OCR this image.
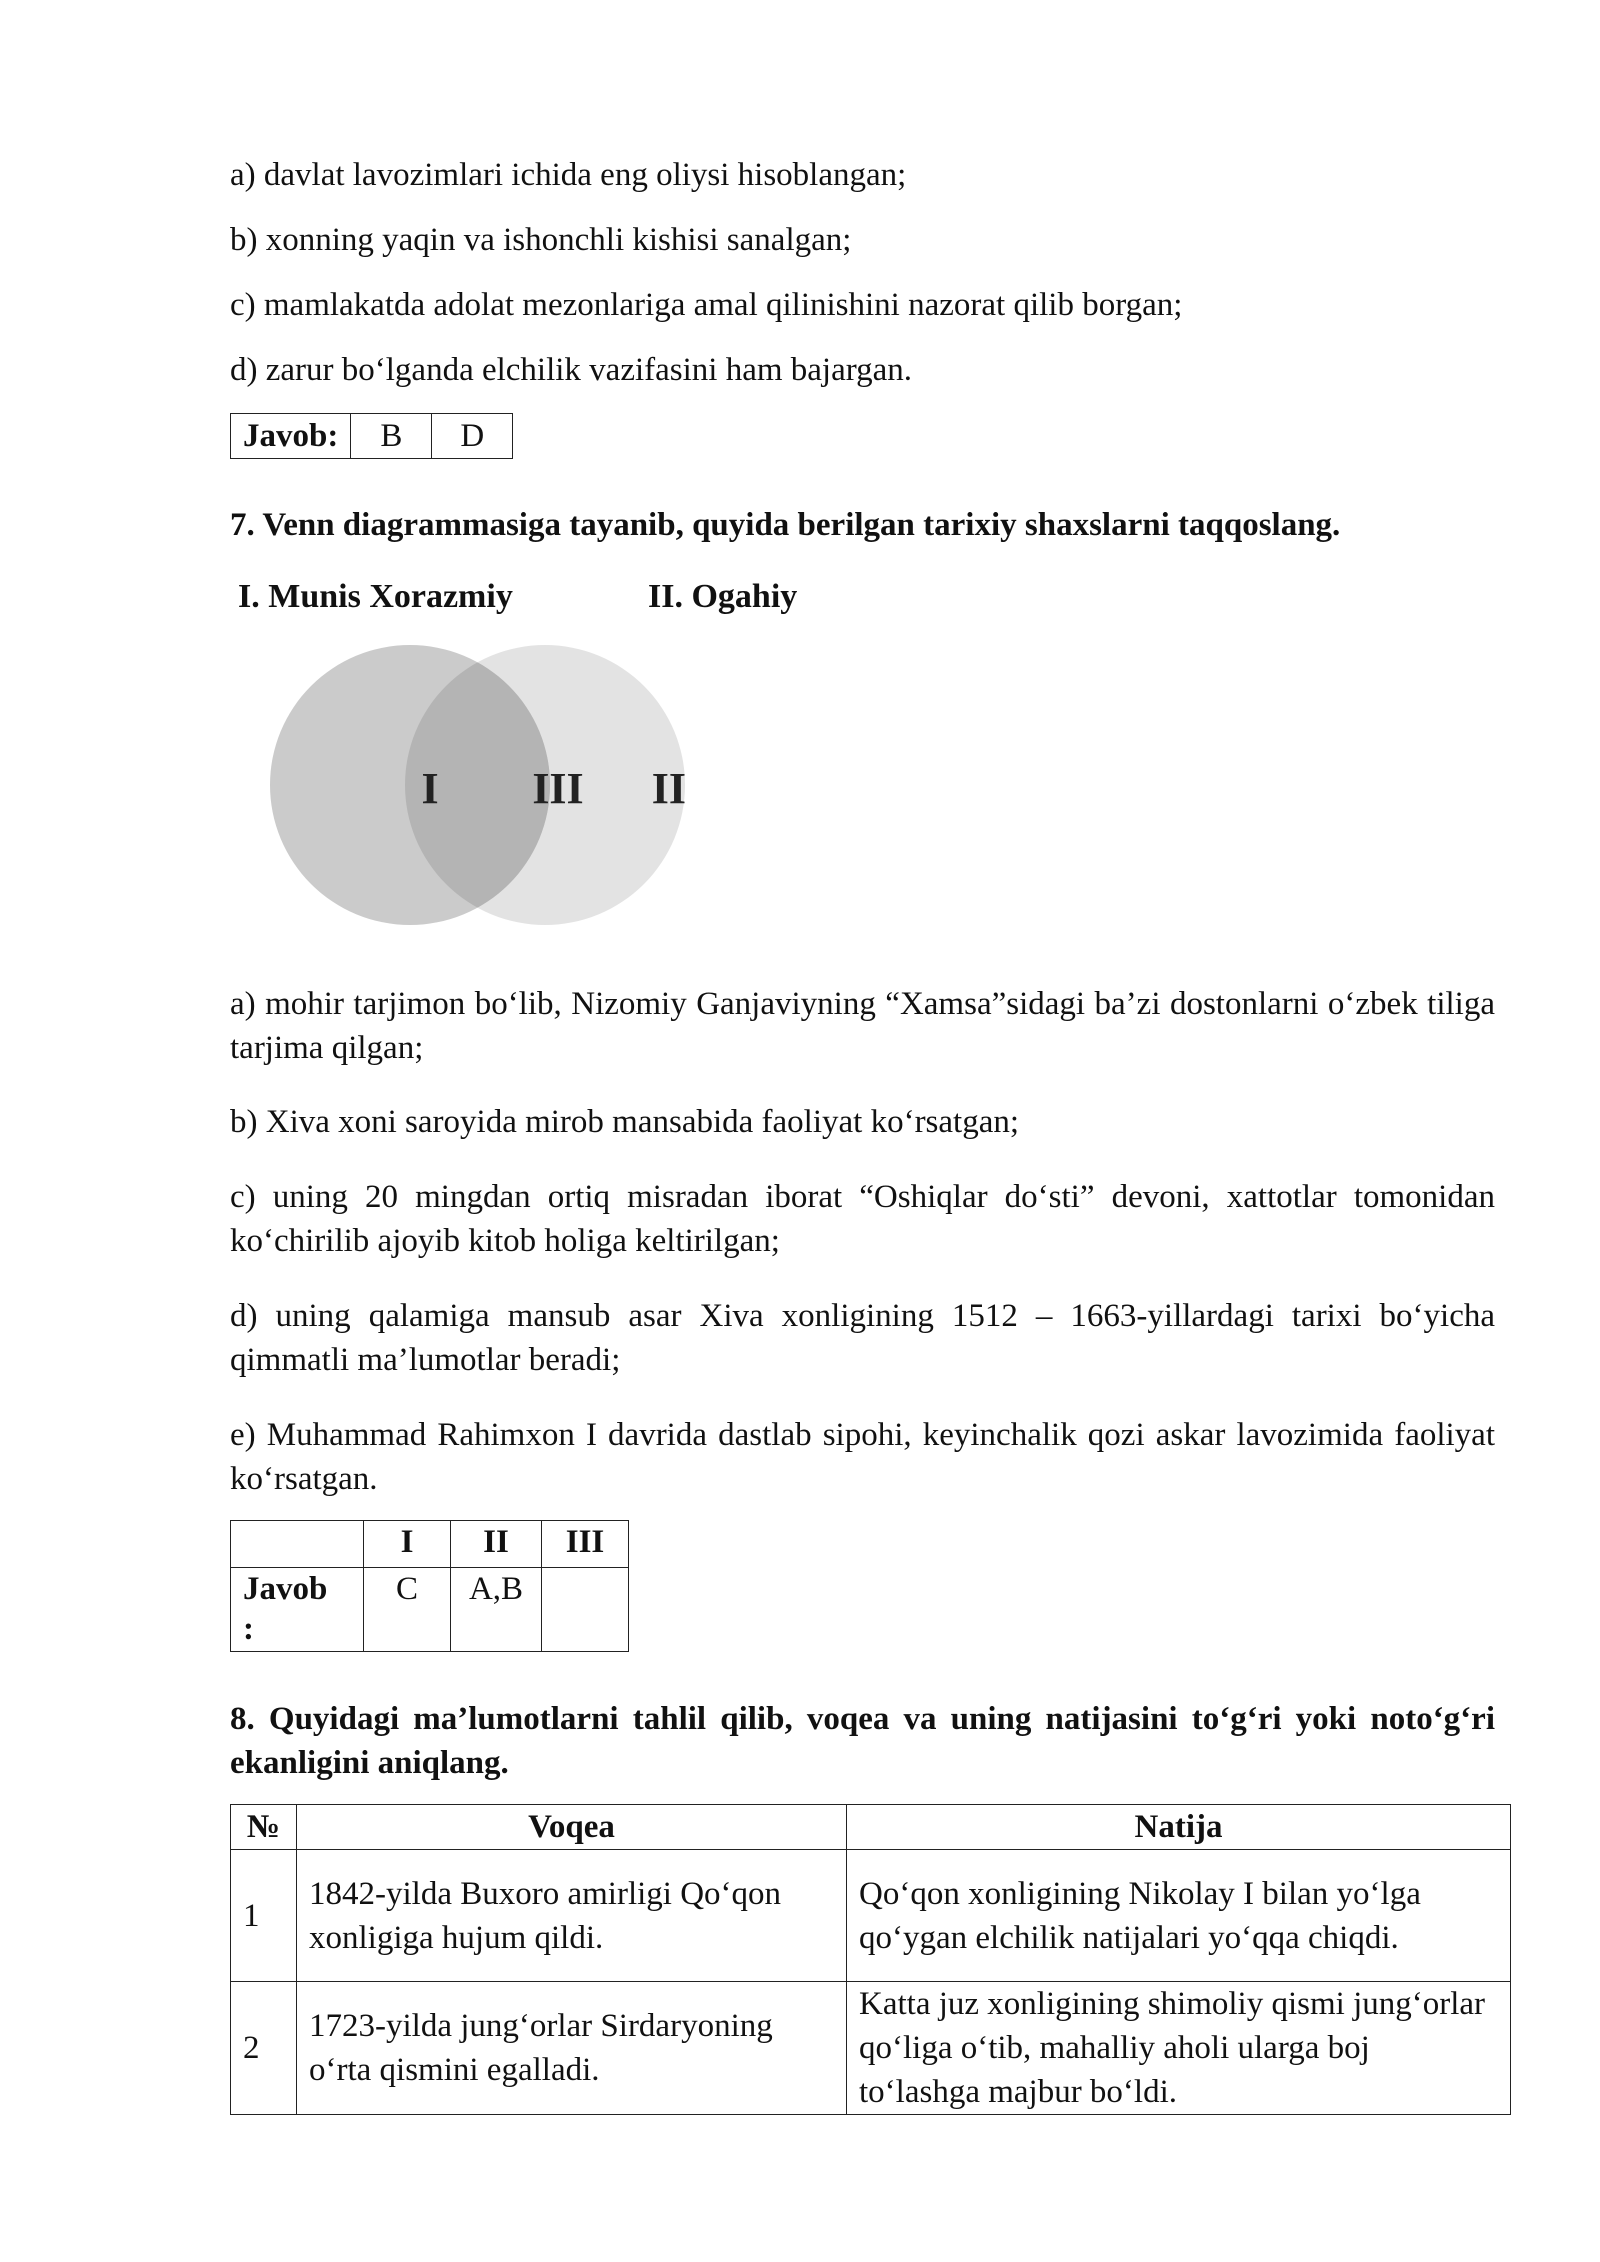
a) davlat lavozimlari ichida eng oliysi hisoblangan;

b) xonning yaqin va ishonchli kishisi sanalgan;

c) mamlakatda adolat mezonlariga amal qilinishini nazorat qilib borgan;

d) zarur bo‘lganda elchilik vazifasini ham bajargan.

Javob:	B	D

7. Venn diagrammasiga tayanib, quyida berilgan tarixiy shaxslarni taqqoslang.

I. Munis Xorazmiy	II. Ogahiy
I III II

a) mohir tarjimon bo‘lib, Nizomiy Ganjaviyning “Xamsa”sidagi ba’zi dostonlarni o‘zbek tiliga tarjima qilgan;

b) Xiva xoni saroyida mirob mansabida faoliyat ko‘rsatgan;

c) uning 20 mingdan ortiq misradan iborat “Oshiqlar do‘sti” devoni, xattotlar tomonidan ko‘chirilib ajoyib kitob holiga keltirilgan;

d) uning qalamiga mansub asar Xiva xonligining 1512 – 1663-yillardagi tarixi bo‘yicha qimmatli ma’lumotlar beradi;

e) Muhammad Rahimxon I davrida dastlab sipohi, keyinchalik qozi askar lavozimida faoliyat ko‘rsatgan.

	I	II	III
Javob :	C	A,B	

8. Quyidagi ma’lumotlarni tahlil qilib, voqea va uning natijasini to‘g‘ri yoki noto‘g‘ri ekanligini aniqlang.

№	Voqea	Natija
1	1842-yilda Buxoro amirligi Qo‘qon xonligiga hujum qildi.	Qo‘qon xonligining Nikolay I bilan yo‘lga qo‘ygan elchilik natijalari yo‘qqa chiqdi.
2	1723-yilda jung‘orlar Sirdaryoning o‘rta qismini egalladi.	Katta juz xonligining shimoliy qismi jung‘orlar qo‘liga o‘tib, mahalliy aholi ularga boj to‘lashga majbur bo‘ldi.
